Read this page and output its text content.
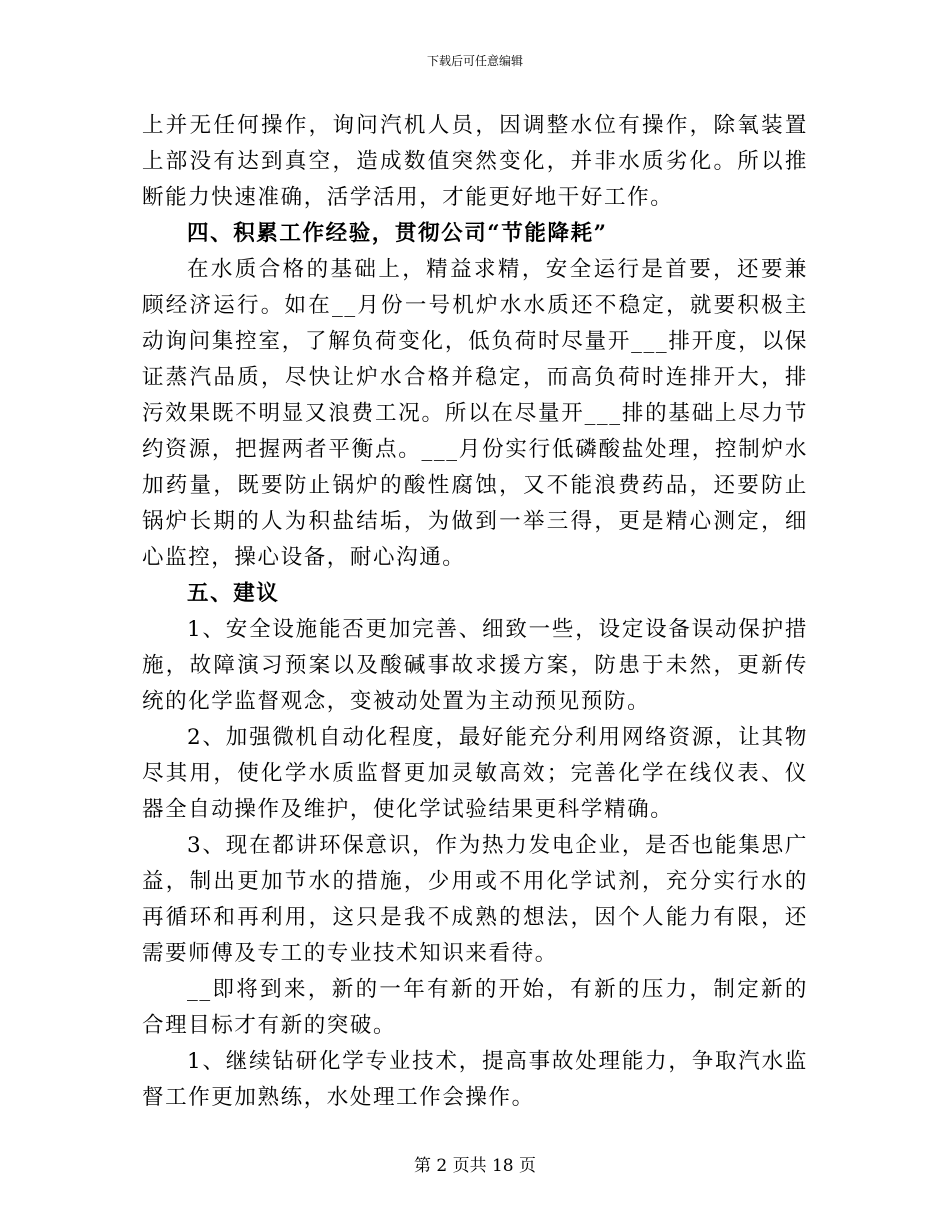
下载后可任意编辑

上并无任何操作，询问汽机人员，因调整水位有操作，除氧装置上部没有达到真空，造成数值突然变化，并非水质劣化。所以推断能力快速准确，活学活用，才能更好地干好工作。

四、积累工作经验，贯彻公司“节能降耗”

在水质合格的基础上，精益求精，安全运行是首要，还要兼顾经济运行。如在__月份一号机炉水水质还不稳定，就要积极主动询问集控室，了解负荷变化，低负荷时尽量开___排开度，以保证蒸汽品质，尽快让炉水合格并稳定，而高负荷时连排开大，排污效果既不明显又浪费工况。所以在尽量开___排的基础上尽力节约资源，把握两者平衡点。___月份实行低磷酸盐处理，控制炉水加药量，既要防止锅炉的酸性腐蚀，又不能浪费药品，还要防止锅炉长期的人为积盐结垢，为做到一举三得，更是精心测定，细心监控，操心设备，耐心沟通。

五、建议

1、安全设施能否更加完善、细致一些，设定设备误动保护措施，故障演习预案以及酸碱事故求援方案，防患于未然，更新传统的化学监督观念，变被动处置为主动预见预防。

2、加强微机自动化程度，最好能充分利用网络资源，让其物尽其用，使化学水质监督更加灵敏高效；完善化学在线仪表、仪器全自动操作及维护，使化学试验结果更科学精确。

3、现在都讲环保意识，作为热力发电企业，是否也能集思广益，制出更加节水的措施，少用或不用化学试剂，充分实行水的再循环和再利用，这只是我不成熟的想法，因个人能力有限，还需要师傅及专工的专业技术知识来看待。

__即将到来，新的一年有新的开始，有新的压力，制定新的合理目标才有新的突破。

1、继续钻研化学专业技术，提高事故处理能力，争取汽水监督工作更加熟练，水处理工作会操作。

第 2 页共 18 页
